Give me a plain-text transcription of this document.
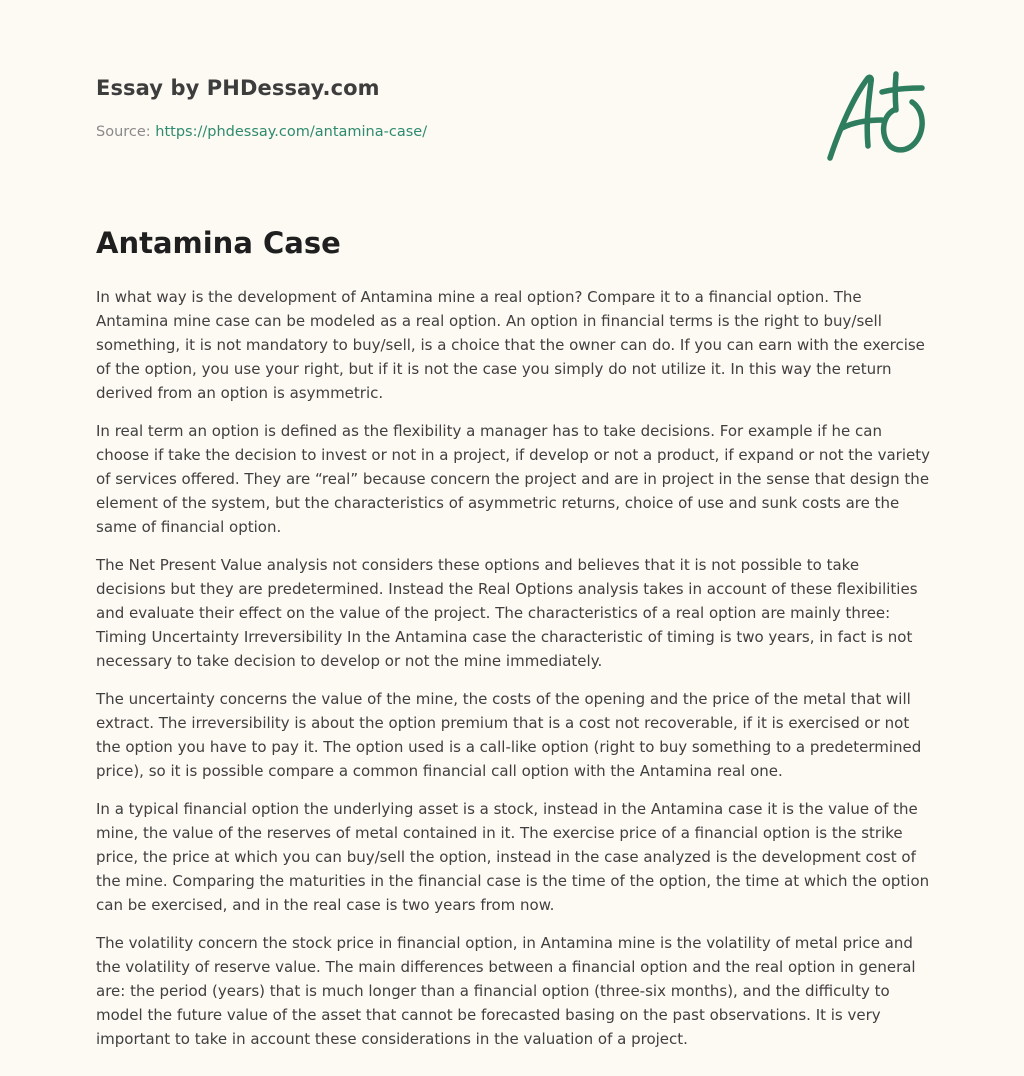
Essay by PHDessay.com
Source: https://phdessay.com/antamina-case/
Antamina Case

In what way is the development of Antamina mine a real option? Compare it to a financial option. The Antamina mine case can be modeled as a real option. An option in financial terms is the right to buy/sell something, it is not mandatory to buy/sell, is a choice that the owner can do. If you can earn with the exercise of the option, you use your right, but if it is not the case you simply do not utilize it. In this way the return derived from an option is asymmetric.

In real term an option is defined as the flexibility a manager has to take decisions. For example if he can choose if take the decision to invest or not in a project, if develop or not a product, if expand or not the variety of services offered. They are “real” because concern the project and are in project in the sense that design the element of the system, but the characteristics of asymmetric returns, choice of use and sunk costs are the same of financial option.

The Net Present Value analysis not considers these options and believes that it is not possible to take decisions but they are predetermined. Instead the Real Options analysis takes in account of these flexibilities and evaluate their effect on the value of the project. The characteristics of a real option are mainly three: Timing Uncertainty Irreversibility In the Antamina case the characteristic of timing is two years, in fact is not necessary to take decision to develop or not the mine immediately.

The uncertainty concerns the value of the mine, the costs of the opening and the price of the metal that will extract. The irreversibility is about the option premium that is a cost not recoverable, if it is exercised or not the option you have to pay it. The option used is a call-like option (right to buy something to a predetermined price), so it is possible compare a common financial call option with the Antamina real one.

In a typical financial option the underlying asset is a stock, instead in the Antamina case it is the value of the mine, the value of the reserves of metal contained in it. The exercise price of a financial option is the strike price, the price at which you can buy/sell the option, instead in the case analyzed is the development cost of the mine. Comparing the maturities in the financial case is the time of the option, the time at which the option can be exercised, and in the real case is two years from now.

The volatility concern the stock price in financial option, in Antamina mine is the volatility of metal price and the volatility of reserve value. The main differences between a financial option and the real option in general are: the period (years) that is much longer than a financial option (three-six months), and the difficulty to model the future value of the asset that cannot be forecasted basing on the past observations. It is very important to take in account these considerations in the valuation of a project.
